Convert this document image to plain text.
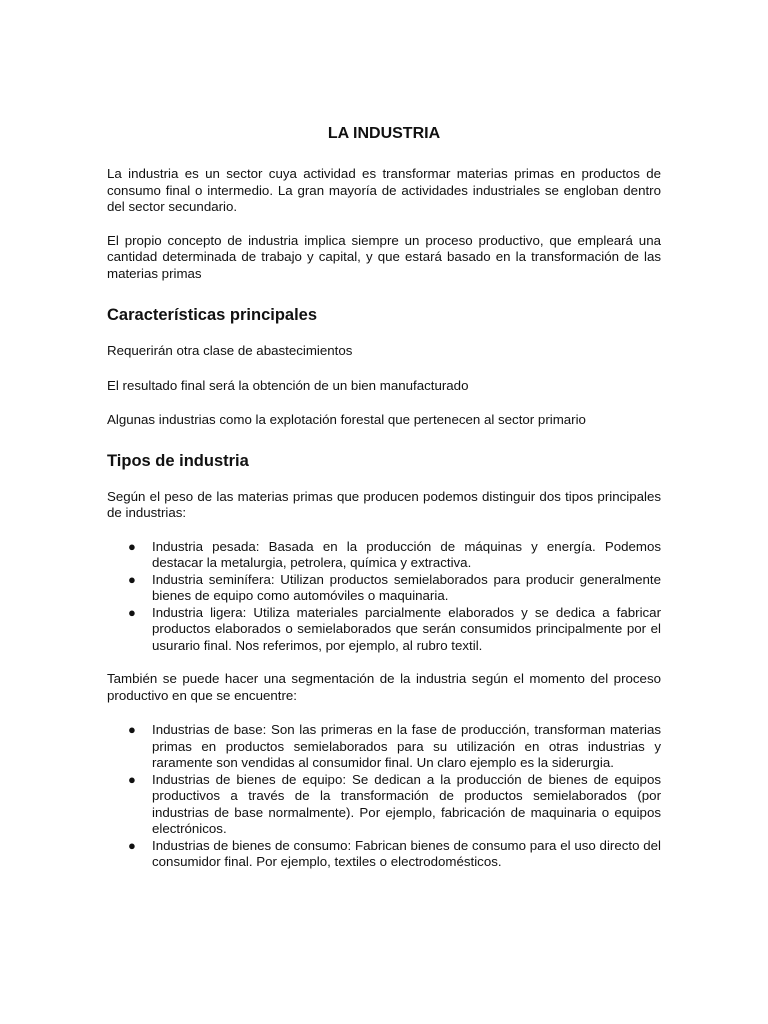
LA INDUSTRIA

La industria es un sector cuya actividad es transformar materias primas en productos de consumo final o intermedio. La gran mayoría de actividades industriales se engloban dentro del sector secundario.

El propio concepto de industria implica siempre un proceso productivo, que empleará una cantidad determinada de trabajo y capital, y que estará basado en la transformación de las materias primas

Características principales

Requerirán otra clase de abastecimientos

El resultado final será la obtención de un bien manufacturado

Algunas industrias como la explotación forestal que pertenecen al sector primario

Tipos de industria

Según el peso de las materias primas que producen podemos distinguir dos tipos principales de industrias:

● Industria pesada: Basada en la producción de máquinas y energía. Podemos destacar la metalurgia, petrolera, química y extractiva.
● Industria seminífera: Utilizan productos semielaborados para producir generalmente bienes de equipo como automóviles o maquinaria.
● Industria ligera: Utiliza materiales parcialmente elaborados y se dedica a fabricar productos elaborados o semielaborados que serán consumidos principalmente por el usurario final. Nos referimos, por ejemplo, al rubro textil.

También se puede hacer una segmentación de la industria según el momento del proceso productivo en que se encuentre:

● Industrias de base: Son las primeras en la fase de producción, transforman materias primas en productos semielaborados para su utilización en otras industrias y raramente son vendidas al consumidor final. Un claro ejemplo es la siderurgia.
● Industrias de bienes de equipo: Se dedican a la producción de bienes de equipos productivos a través de la transformación de productos semielaborados (por industrias de base normalmente). Por ejemplo, fabricación de maquinaria o equipos electrónicos.
● Industrias de bienes de consumo: Fabrican bienes de consumo para el uso directo del consumidor final. Por ejemplo, textiles o electrodomésticos.
